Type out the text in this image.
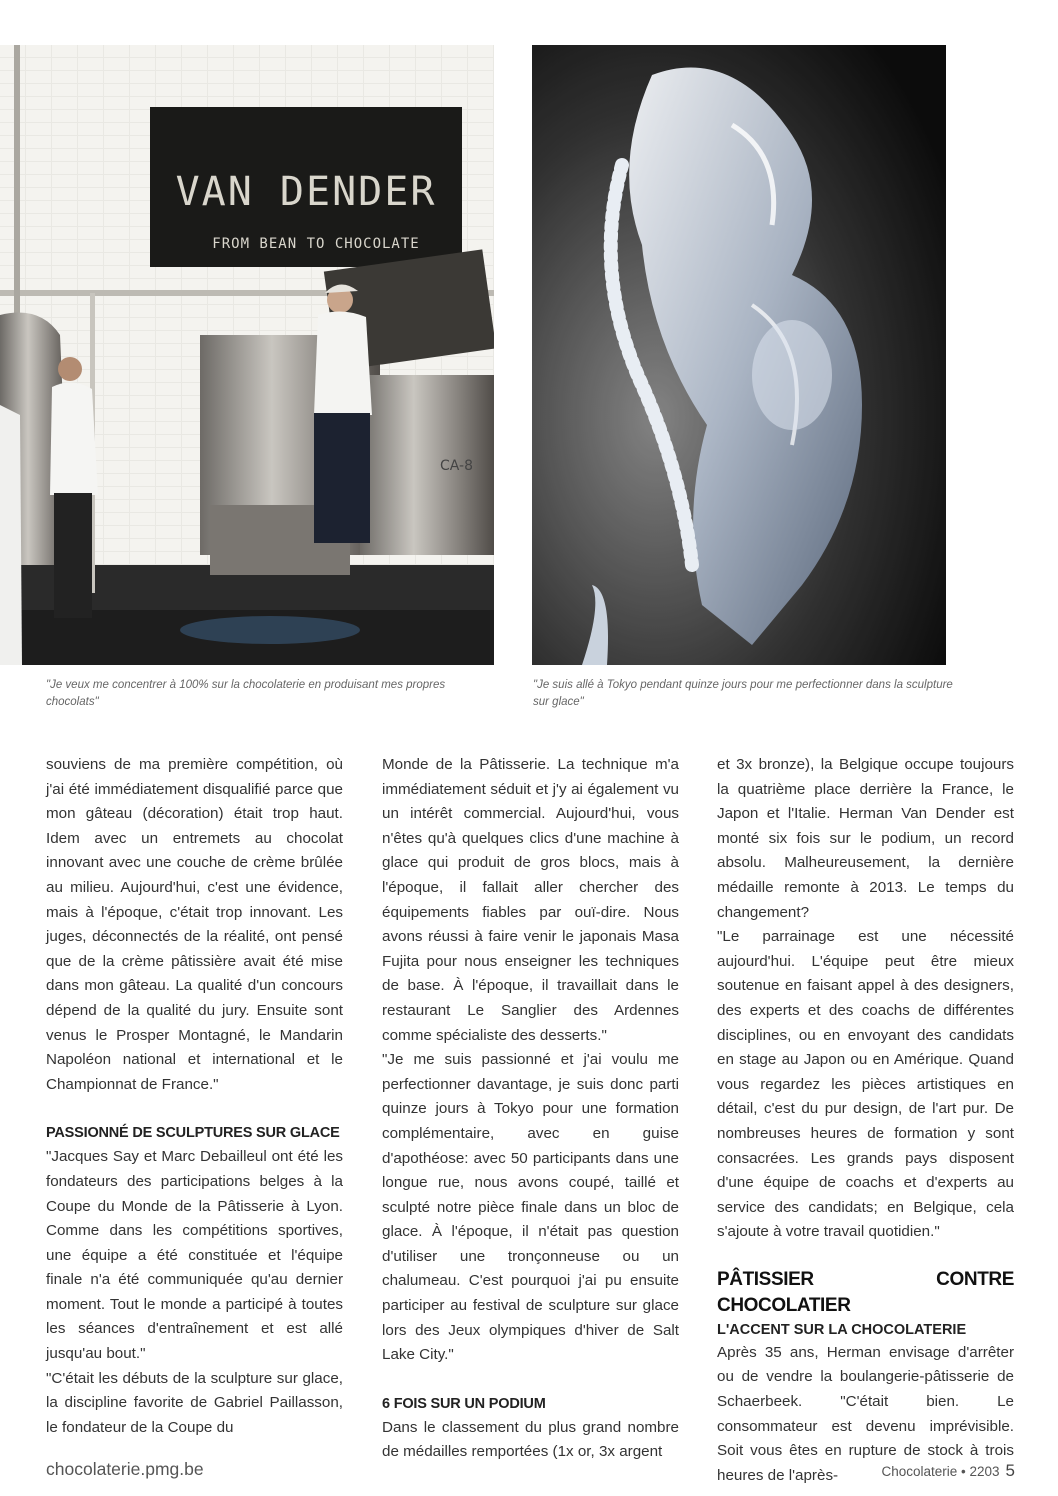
VAN DENDER
FROM BEAN TO CHOCOLATE
CA-8

"Je veux me concentrer à 100% sur la chocolaterie en produisant mes propres chocolats"

"Je suis allé à Tokyo pendant quinze jours pour me perfectionner dans la sculpture sur glace"

souviens de ma première compétition, où j'ai été immédiatement disqualifié parce que mon gâteau (décoration) était trop haut. Idem avec un entremets au chocolat innovant avec une couche de crème brûlée au milieu. Aujourd'hui, c'est une évidence, mais à l'époque, c'était trop innovant. Les juges, déconnectés de la réalité, ont pensé que de la crème pâtissière avait été mise dans mon gâteau. La qualité d'un concours dépend de la qualité du jury. Ensuite sont venus le Prosper Montagné, le Mandarin Napoléon national et international et le Championnat de France."

PASSIONNÉ DE SCULPTURES SUR GLACE

"Jacques Say et Marc Debailleul ont été les fondateurs des participations belges à la Coupe du Monde de la Pâtisserie à Lyon. Comme dans les compétitions sportives, une équipe a été constituée et l'équipe finale n'a été communiquée qu'au dernier moment. Tout le monde a participé à toutes les séances d'entraînement et est allé jusqu'au bout."

"C'était les débuts de la sculpture sur glace, la discipline favorite de Gabriel Paillasson, le fondateur de la Coupe du

Monde de la Pâtisserie. La technique m'a immédiatement séduit et j'y ai également vu un intérêt commercial. Aujourd'hui, vous n'êtes qu'à quelques clics d'une machine à glace qui produit de gros blocs, mais à l'époque, il fallait aller chercher des équipements fiables par ouï-dire. Nous avons réussi à faire venir le japonais Masa Fujita pour nous enseigner les techniques de base. À l'époque, il travaillait dans le restaurant Le Sanglier des Ardennes comme spécialiste des desserts."

"Je me suis passionné et j'ai voulu me perfectionner davantage, je suis donc parti quinze jours à Tokyo pour une formation complémentaire, avec en guise d'apothéose: avec 50 participants dans une longue rue, nous avons coupé, taillé et sculpté notre pièce finale dans un bloc de glace. À l'époque, il n'était pas question d'utiliser une tronçonneuse ou un chalumeau. C'est pourquoi j'ai pu ensuite participer au festival de sculpture sur glace lors des Jeux olympiques d'hiver de Salt Lake City."

6 FOIS SUR UN PODIUM

Dans le classement du plus grand nombre de médailles remportées (1x or, 3x argent

et 3x bronze), la Belgique occupe toujours la quatrième place derrière la France, le Japon et l'Italie. Herman Van Dender est monté six fois sur le podium, un record absolu. Malheureusement, la dernière médaille remonte à 2013. Le temps du changement?

"Le parrainage est une nécessité aujourd'hui. L'équipe peut être mieux soutenue en faisant appel à des designers, des experts et des coachs de différentes disciplines, ou en envoyant des candidats en stage au Japon ou en Amérique. Quand vous regardez les pièces artistiques en détail, c'est du pur design, de l'art pur. De nombreuses heures de formation y sont consacrées. Les grands pays disposent d'une équipe de coachs et d'experts au service des candidats; en Belgique, cela s'ajoute à votre travail quotidien."

PÂTISSIER CONTRE CHOCOLATIER
L'ACCENT SUR LA CHOCOLATERIE

Après 35 ans, Herman envisage d'arrêter ou de vendre la boulangerie-pâtisserie de Schaerbeek. "C'était bien. Le consommateur est devenu imprévisible. Soit vous êtes en rupture de stock à trois heures de l'après-

chocolaterie.pmg.be	Chocolaterie • 2203 5
